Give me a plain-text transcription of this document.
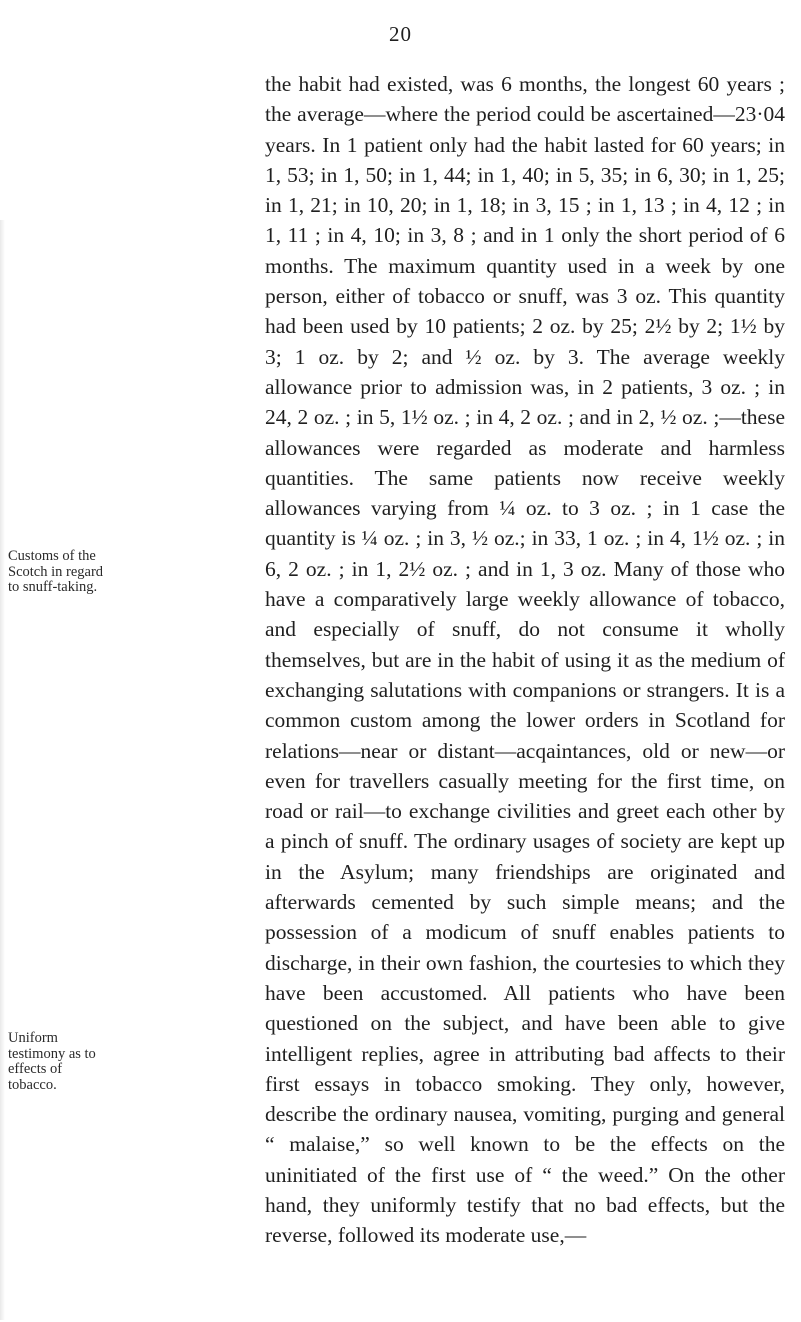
20

the habit had existed, was 6 months, the longest 60 years ; the average—where the period could be ascertained—23·04 years. In 1 patient only had the habit lasted for 60 years; in 1, 53; in 1, 50; in 1, 44; in 1, 40; in 5, 35; in 6, 30; in 1, 25; in 1, 21; in 10, 20; in 1, 18; in 3, 15 ; in 1, 13 ; in 4, 12 ; in 1, 11 ; in 4, 10; in 3, 8 ; and in 1 only the short period of 6 months. The maximum quantity used in a week by one person, either of tobacco or snuff, was 3 oz. This quantity had been used by 10 patients; 2 oz. by 25; 2½ by 2; 1½ by 3; 1 oz. by 2; and ½ oz. by 3. The average weekly allowance prior to admission was, in 2 patients, 3 oz. ; in 24, 2 oz. ; in 5, 1½ oz. ; in 4, 2 oz. ; and in 2, ½ oz. ;—these allowances were regarded as moderate and harmless quantities. The same patients now receive weekly allowances varying from ¼ oz. to 3 oz. ; in 1 case the quantity is ¼ oz. ; in 3, ½ oz.; in 33, 1 oz. ; in 4, 1½ oz. ; in 6, 2 oz. ; in 1, 2½ oz. ; and in 1, 3 oz. Many of those who have a comparatively large weekly allowance of tobacco, and especially of snuff, do not consume it wholly themselves, but are in the habit of using it as the medium of exchanging salutations with companions or strangers. It is a common custom among the lower orders in Scotland for relations—near or distant—acqaintances, old or new—or even for travellers casually meeting for the first time, on road or rail—to exchange civilities and greet each other by a pinch of snuff. The ordinary usages of society are kept up in the Asylum; many friendships are originated and afterwards cemented by such simple means; and the possession of a modicum of snuff enables patients to discharge, in their own fashion, the courtesies to which they have been accustomed. All patients who have been questioned on the subject, and have been able to give intelligent replies, agree in attributing bad affects to their first essays in tobacco smoking. They only, however, describe the ordinary nausea, vomiting, purging and general “ malaise,” so well known to be the effects on the uninitiated of the first use of “ the weed.” On the other hand, they uniformly testify that no bad effects, but the reverse, followed its moderate use,—

Customs of the
Scotch in regard
to snuff-taking.
Uniform
testimony as to
effects of
tobacco.
